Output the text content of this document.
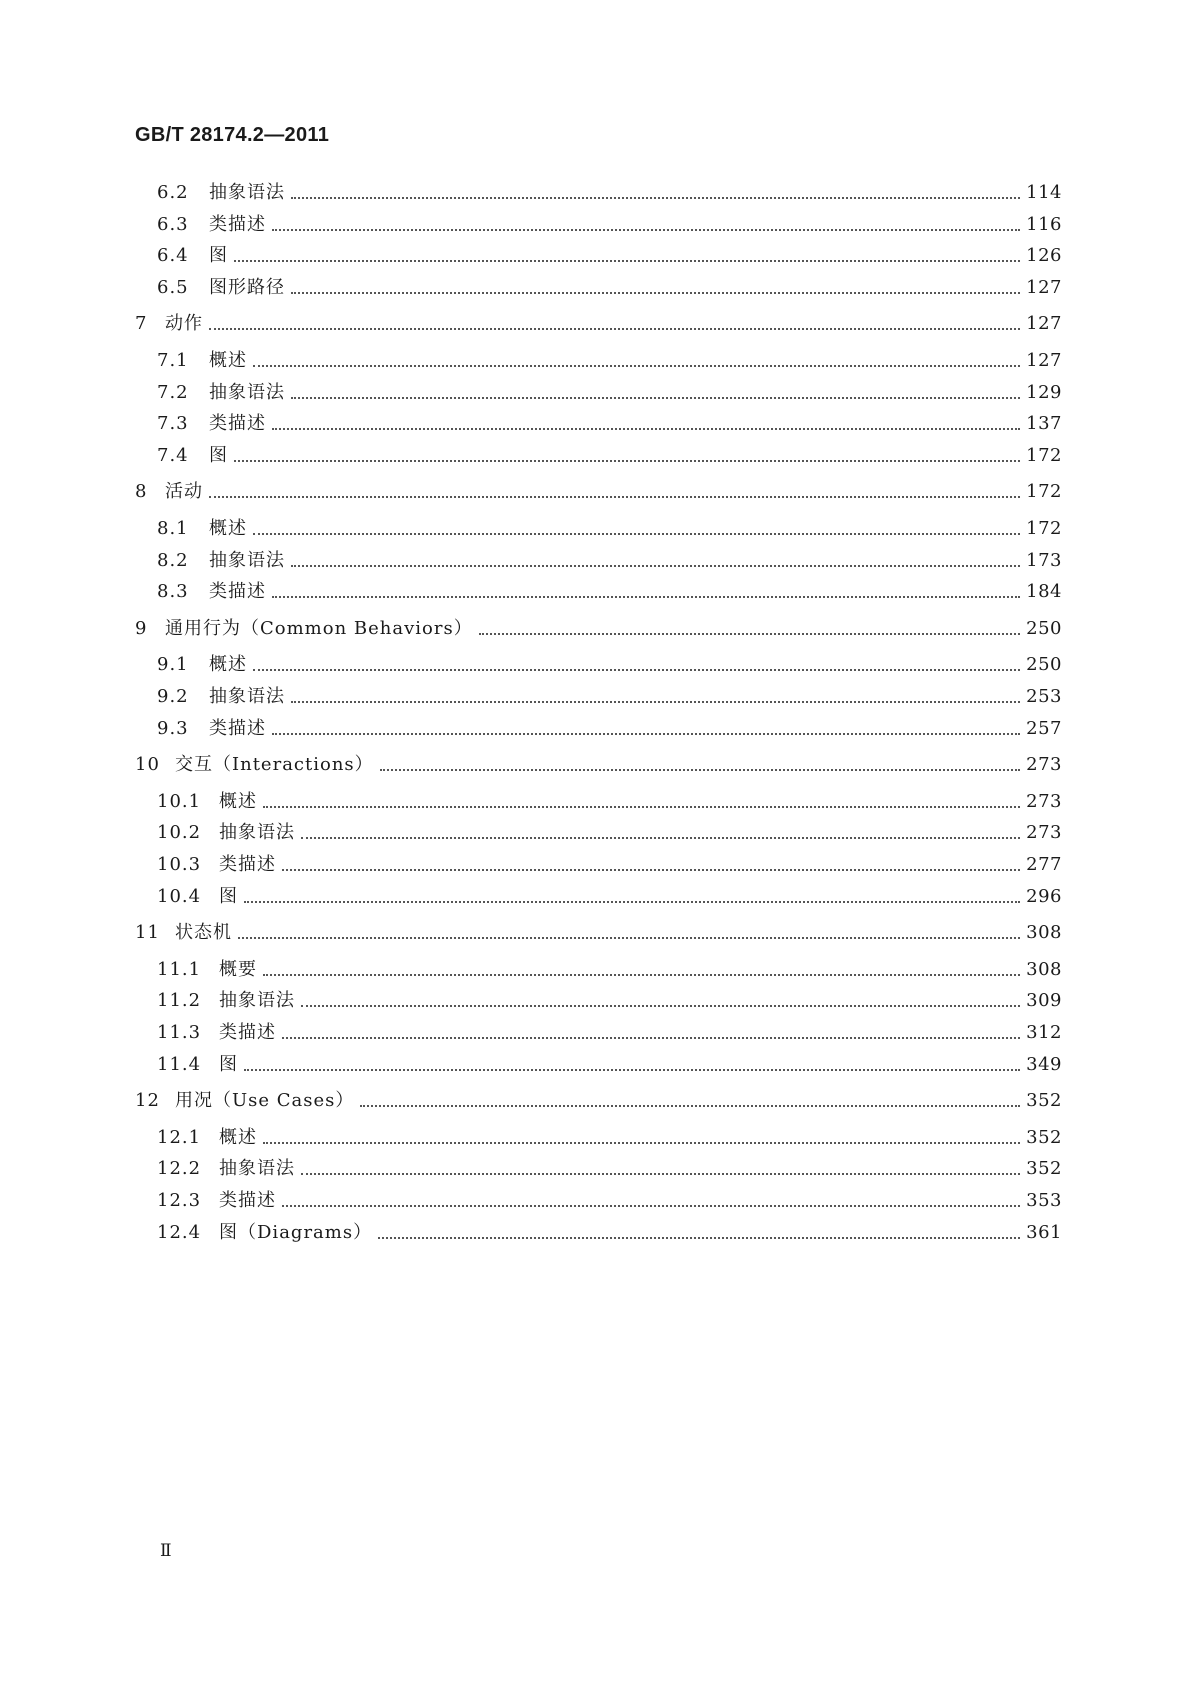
GB/T 28174.2—2011
6.2	抽象语法	114
6.3	类描述	116
6.4	图	126
6.5	图形路径	127
7 动作	127
7.1	概述	127
7.2	抽象语法	129
7.3	类描述	137
7.4	图	172
8 活动	172
8.1	概述	172
8.2	抽象语法	173
8.3	类描述	184
9 通用行为（Common Behaviors）	250
9.1	概述	250
9.2	抽象语法	253
9.3	类描述	257
10 交互（Interactions）	273
10.1 概述	273
10.2 抽象语法	273
10.3 类描述	277
10.4 图	296
11 状态机	308
11.1 概要	308
11.2 抽象语法	309
11.3 类描述	312
11.4 图	349
12 用况（Use Cases）	352
12.1 概述	352
12.2 抽象语法	352
12.3 类描述	353
12.4 图（Diagrams）	361
Ⅱ
